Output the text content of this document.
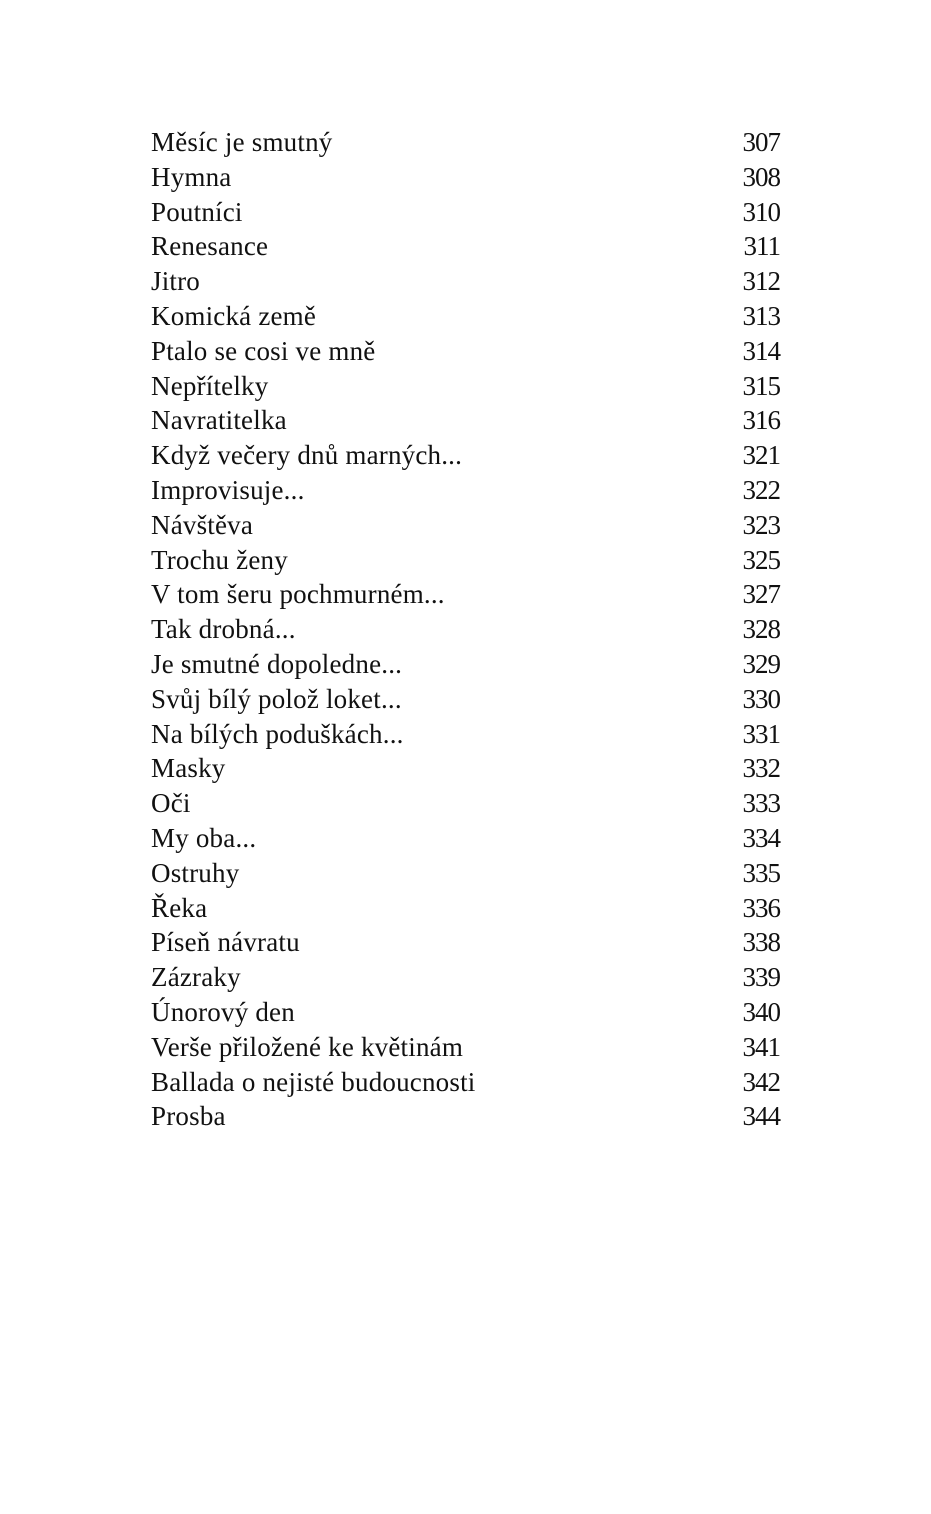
Měsíc je smutný	307
Hymna	308
Poutníci	310
Renesance	311
Jitro	312
Komická země	313
Ptalo se cosi ve mně	314
Nepřítelky	315
Navratitelka	316
Když večery dnů marných...	321
Improvisuje...	322
Návštěva	323
Trochu ženy	325
V tom šeru pochmurném...	327
Tak drobná...	328
Je smutné dopoledne...	329
Svůj bílý polož loket...	330
Na bílých poduškách...	331
Masky	332
Oči	333
My oba...	334
Ostruhy	335
Řeka	336
Píseň návratu	338
Zázraky	339
Únorový den	340
Verše přiložené ke květinám	341
Ballada o nejisté budoucnosti	342
Prosba	344
